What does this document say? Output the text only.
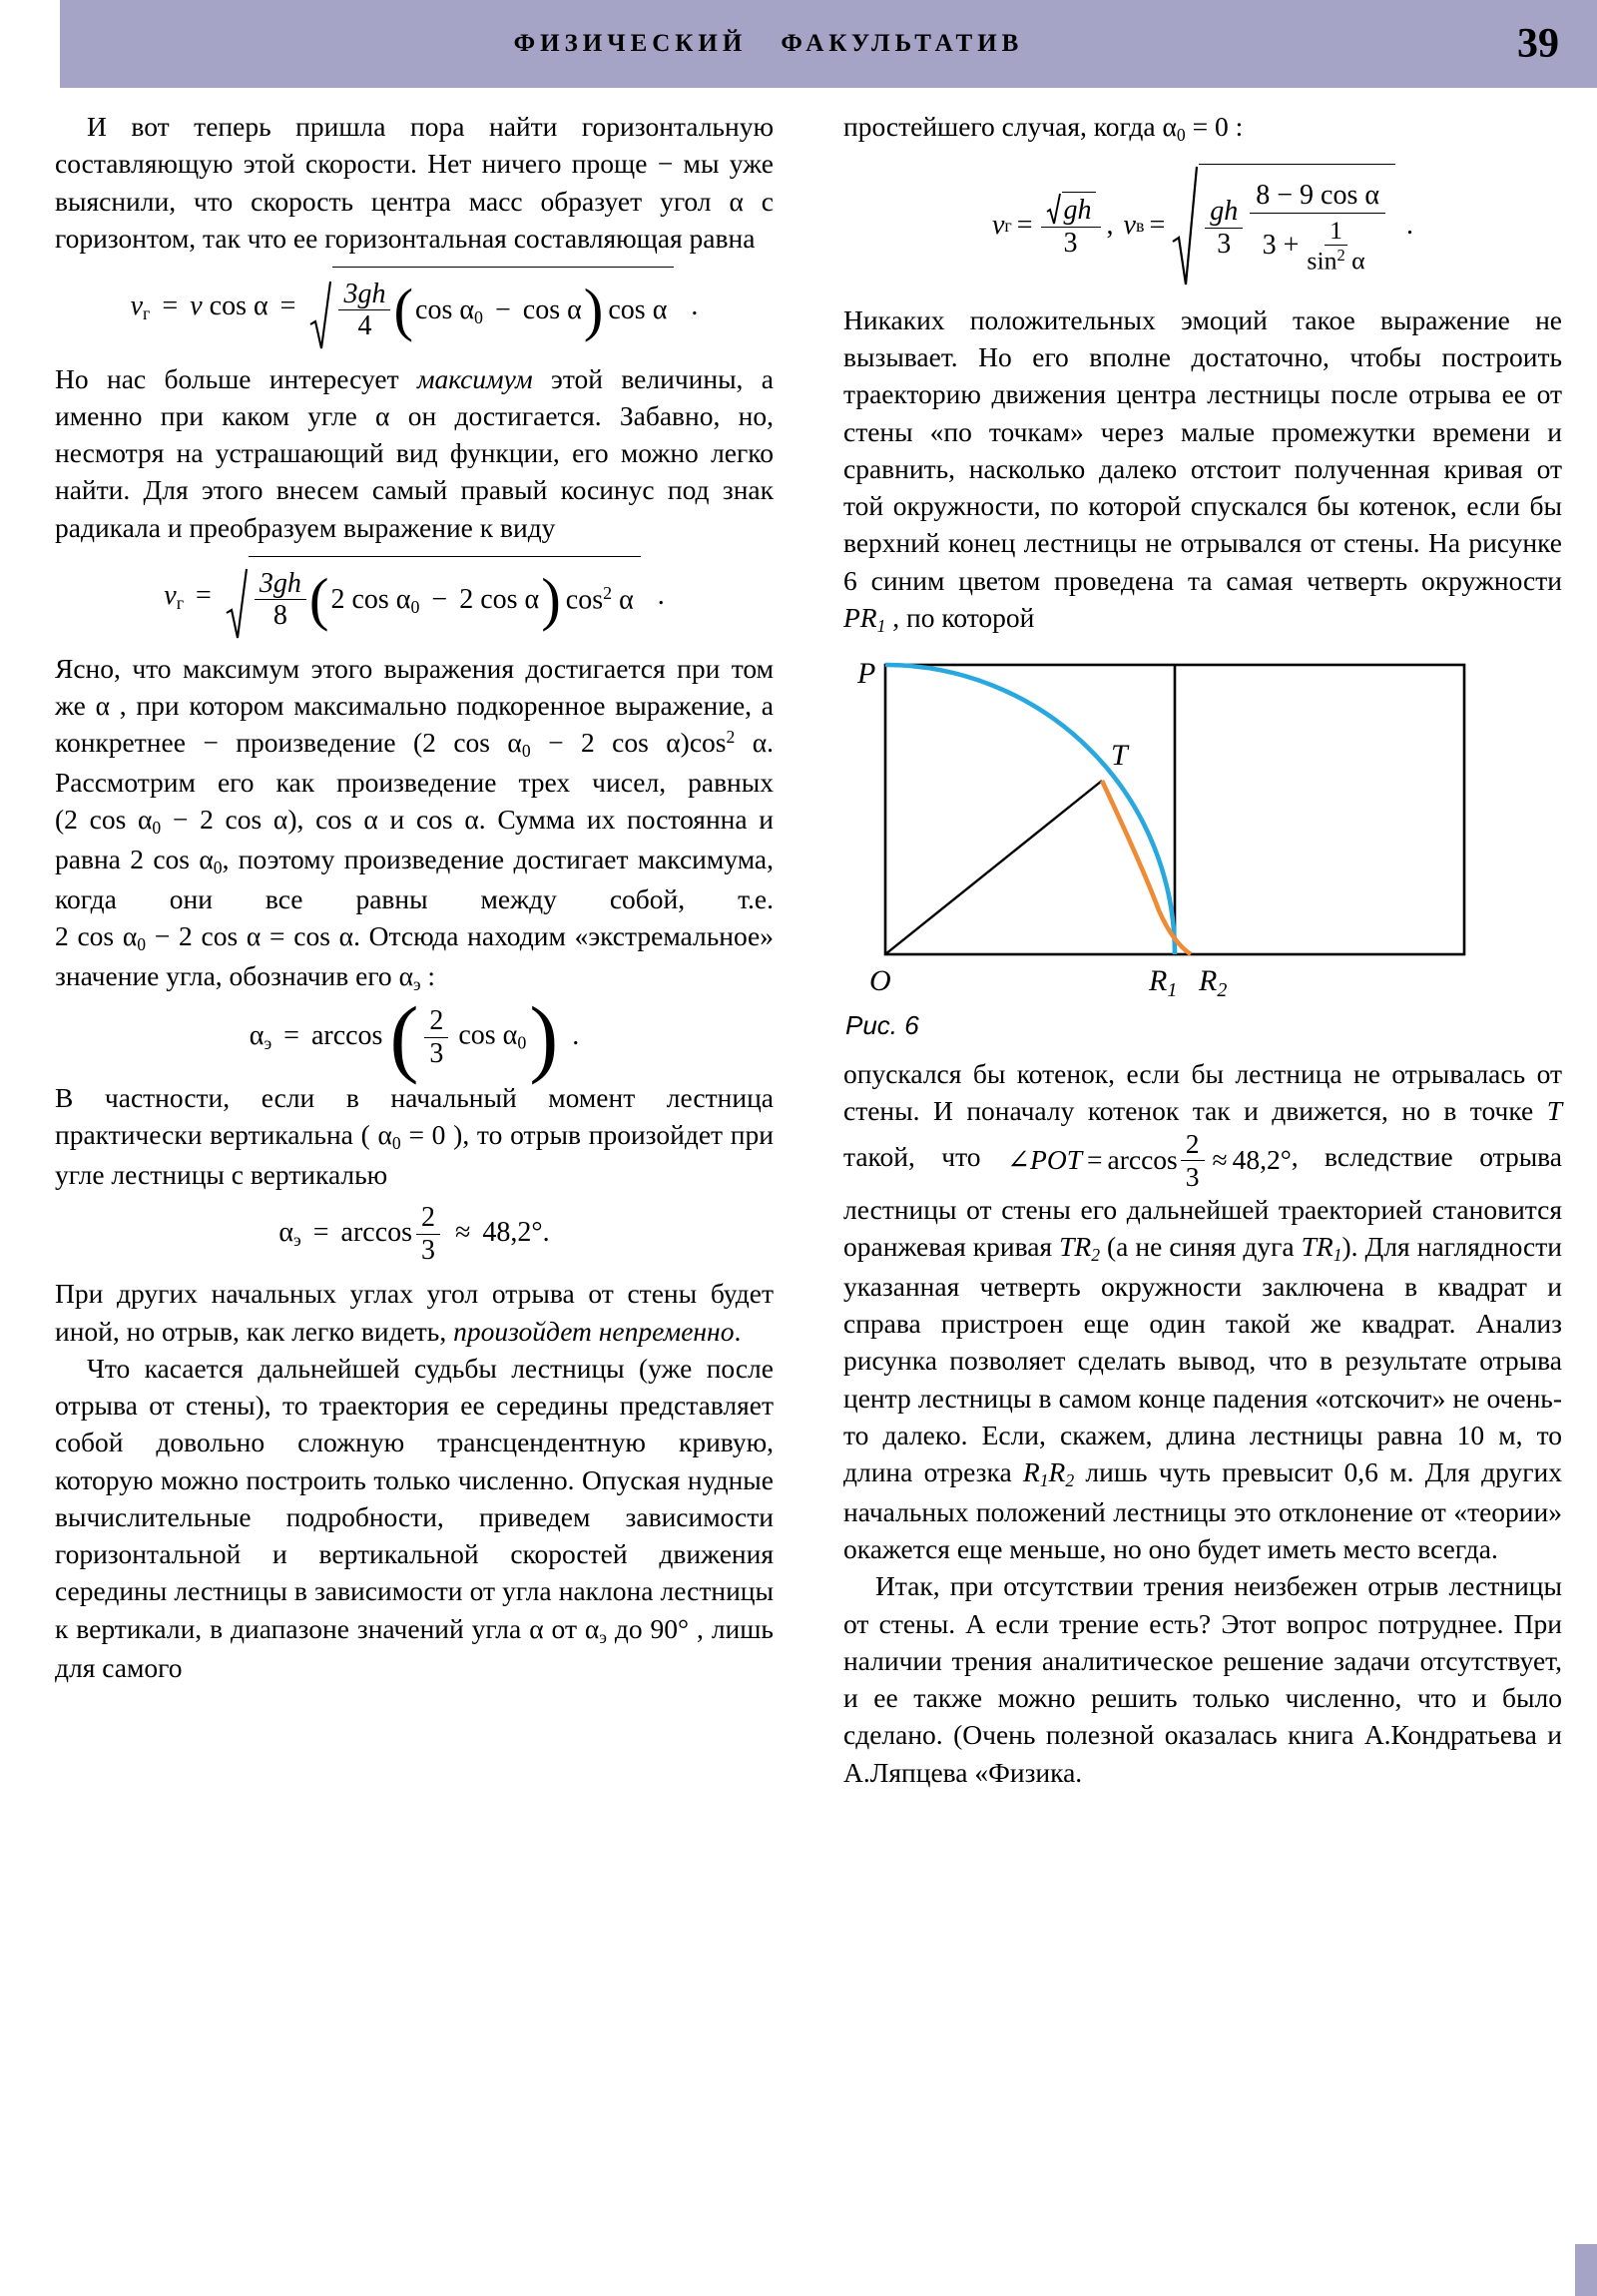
ФИЗИЧЕСКИЙ ФАКУЛЬТАТИВ	39

И вот теперь пришла пора найти горизонтальную составляющую этой скорости. Нет ничего проще − мы уже выяснили, что скорость центра масс образует угол α с горизонтом, так что ее горизонтальная составляющая равна

$v_г = v$ $\cos \alpha = \frac{3gh}{4}$ ( $\cos \alpha_0 - \cos \alpha$ ) cos α .

Но нас больше интересует максимум этой величины, а именно при каком угле α он достигается. Забавно, но, несмотря на устрашающий вид функции, его можно легко найти. Для этого внесем самый правый косинус под знак радикала и преобразуем выражение к виду

$v_г = \frac{3gh}{8}$ ( 2 $\cos \alpha_0 - 2$ cos α ) $\cos^2 \alpha$ .

Ясно, что максимум этого выражения достигается при том же α , при котором максимально подкоренное выражение, а конкретнее − произведение (2 $\cos \alpha_0 - 2$ $\cos \alpha)\cos^2$ α. Рассмотрим его как произведение трех чисел, равных (2 $\cos \alpha_0 - 2$ cos α), cos α и cos α. Сумма их постоянна и равна 2 $\cos \alpha_0$, поэтому произведение достигает максимума, когда они все равны между собой, т.е. 2 $\cos \alpha_0 - 2$ cos α = cos α. Отсюда находим «экстремальное» значение угла, обозначив его $\alpha_э$ :

$\alpha_э = \arccos$ ( $\frac{2}{3}$ $\cos \alpha_0$ ) .

В частности, если в начальный момент лестница практически вертикальна ( $\alpha_0 = 0$ ), то отрыв произойдет при угле лестницы с вертикалью

$\alpha_э = \arccos \frac{2}{3} \approx 48,2^\circ$.

При других начальных углах угол отрыва от стены будет иной, но отрыв, как легко видеть, произойдет непременно.

Что касается дальнейшей судьбы лестницы (уже после отрыва от стены), то траектория ее середины представляет собой довольно сложную трансцендентную кривую, которую можно построить только численно. Опуская нудные вычислительные подробности, приведем зависимости горизонтальной и вертикальной скоростей движения середины лестницы в зависимости от угла наклона лестницы к вертикали, в диапазоне значений угла α от $\alpha_э$ до 90° , лишь для самого

простейшего случая, когда $\alpha_0 = 0$ :

v $г = \frac{gh}{3}$ , v $в = \frac{gh}{3}$
8 − 9 cos α
$3 + \frac{1}{\sin^2 \alpha}$	.

Никаких положительных эмоций такое выражение не вызывает. Но его вполне достаточно, чтобы построить траекторию движения центра лестницы после отрыва ее от стены «по точкам» через малые промежутки времени и сравнить, насколько далеко отстоит полученная кривая от той окружности, по которой спускался бы котенок, если бы верхний конец лестницы не отрывался от стены. На рисунке 6 синим цветом проведена та самая четверть окружности $PR_1$ , по которой

P
T
O	$R_1$ $R_2$
Рис. 6

опускался бы котенок, если бы лестница не отрывалась от стены. И поначалу котенок так и движется, но в точке T такой, что ∠ POT = $\arccos \frac{2}{3} \approx 48,2^\circ$, вследствие отрыва лестницы от стены его дальнейшей траекторией становится оранжевая кривая $TR_2$ (а не синяя дуга $TR_1$). Для наглядности указанная четверть окружности заключена в квадрат и справа пристроен еще один такой же квадрат. Анализ рисунка позволяет сделать вывод, что в результате отрыва центр лестницы в самом конце падения «отскочит» не очень-то далеко. Если, скажем, длина лестницы равна 10 м, то длина отрезка $R_1R_2$ лишь чуть превысит 0,6 м. Для других начальных положений лестницы это отклонение от «теории» окажется еще меньше, но оно будет иметь место всегда.

Итак, при отсутствии трения неизбежен отрыв лестницы от стены. А если трение есть? Этот вопрос потруднее. При наличии трения аналитическое решение задачи отсутствует, и ее также можно решить только численно, что и было сделано. (Очень полезной оказалась книга А.Кондратьева и А.Ляпцева «Физика.
